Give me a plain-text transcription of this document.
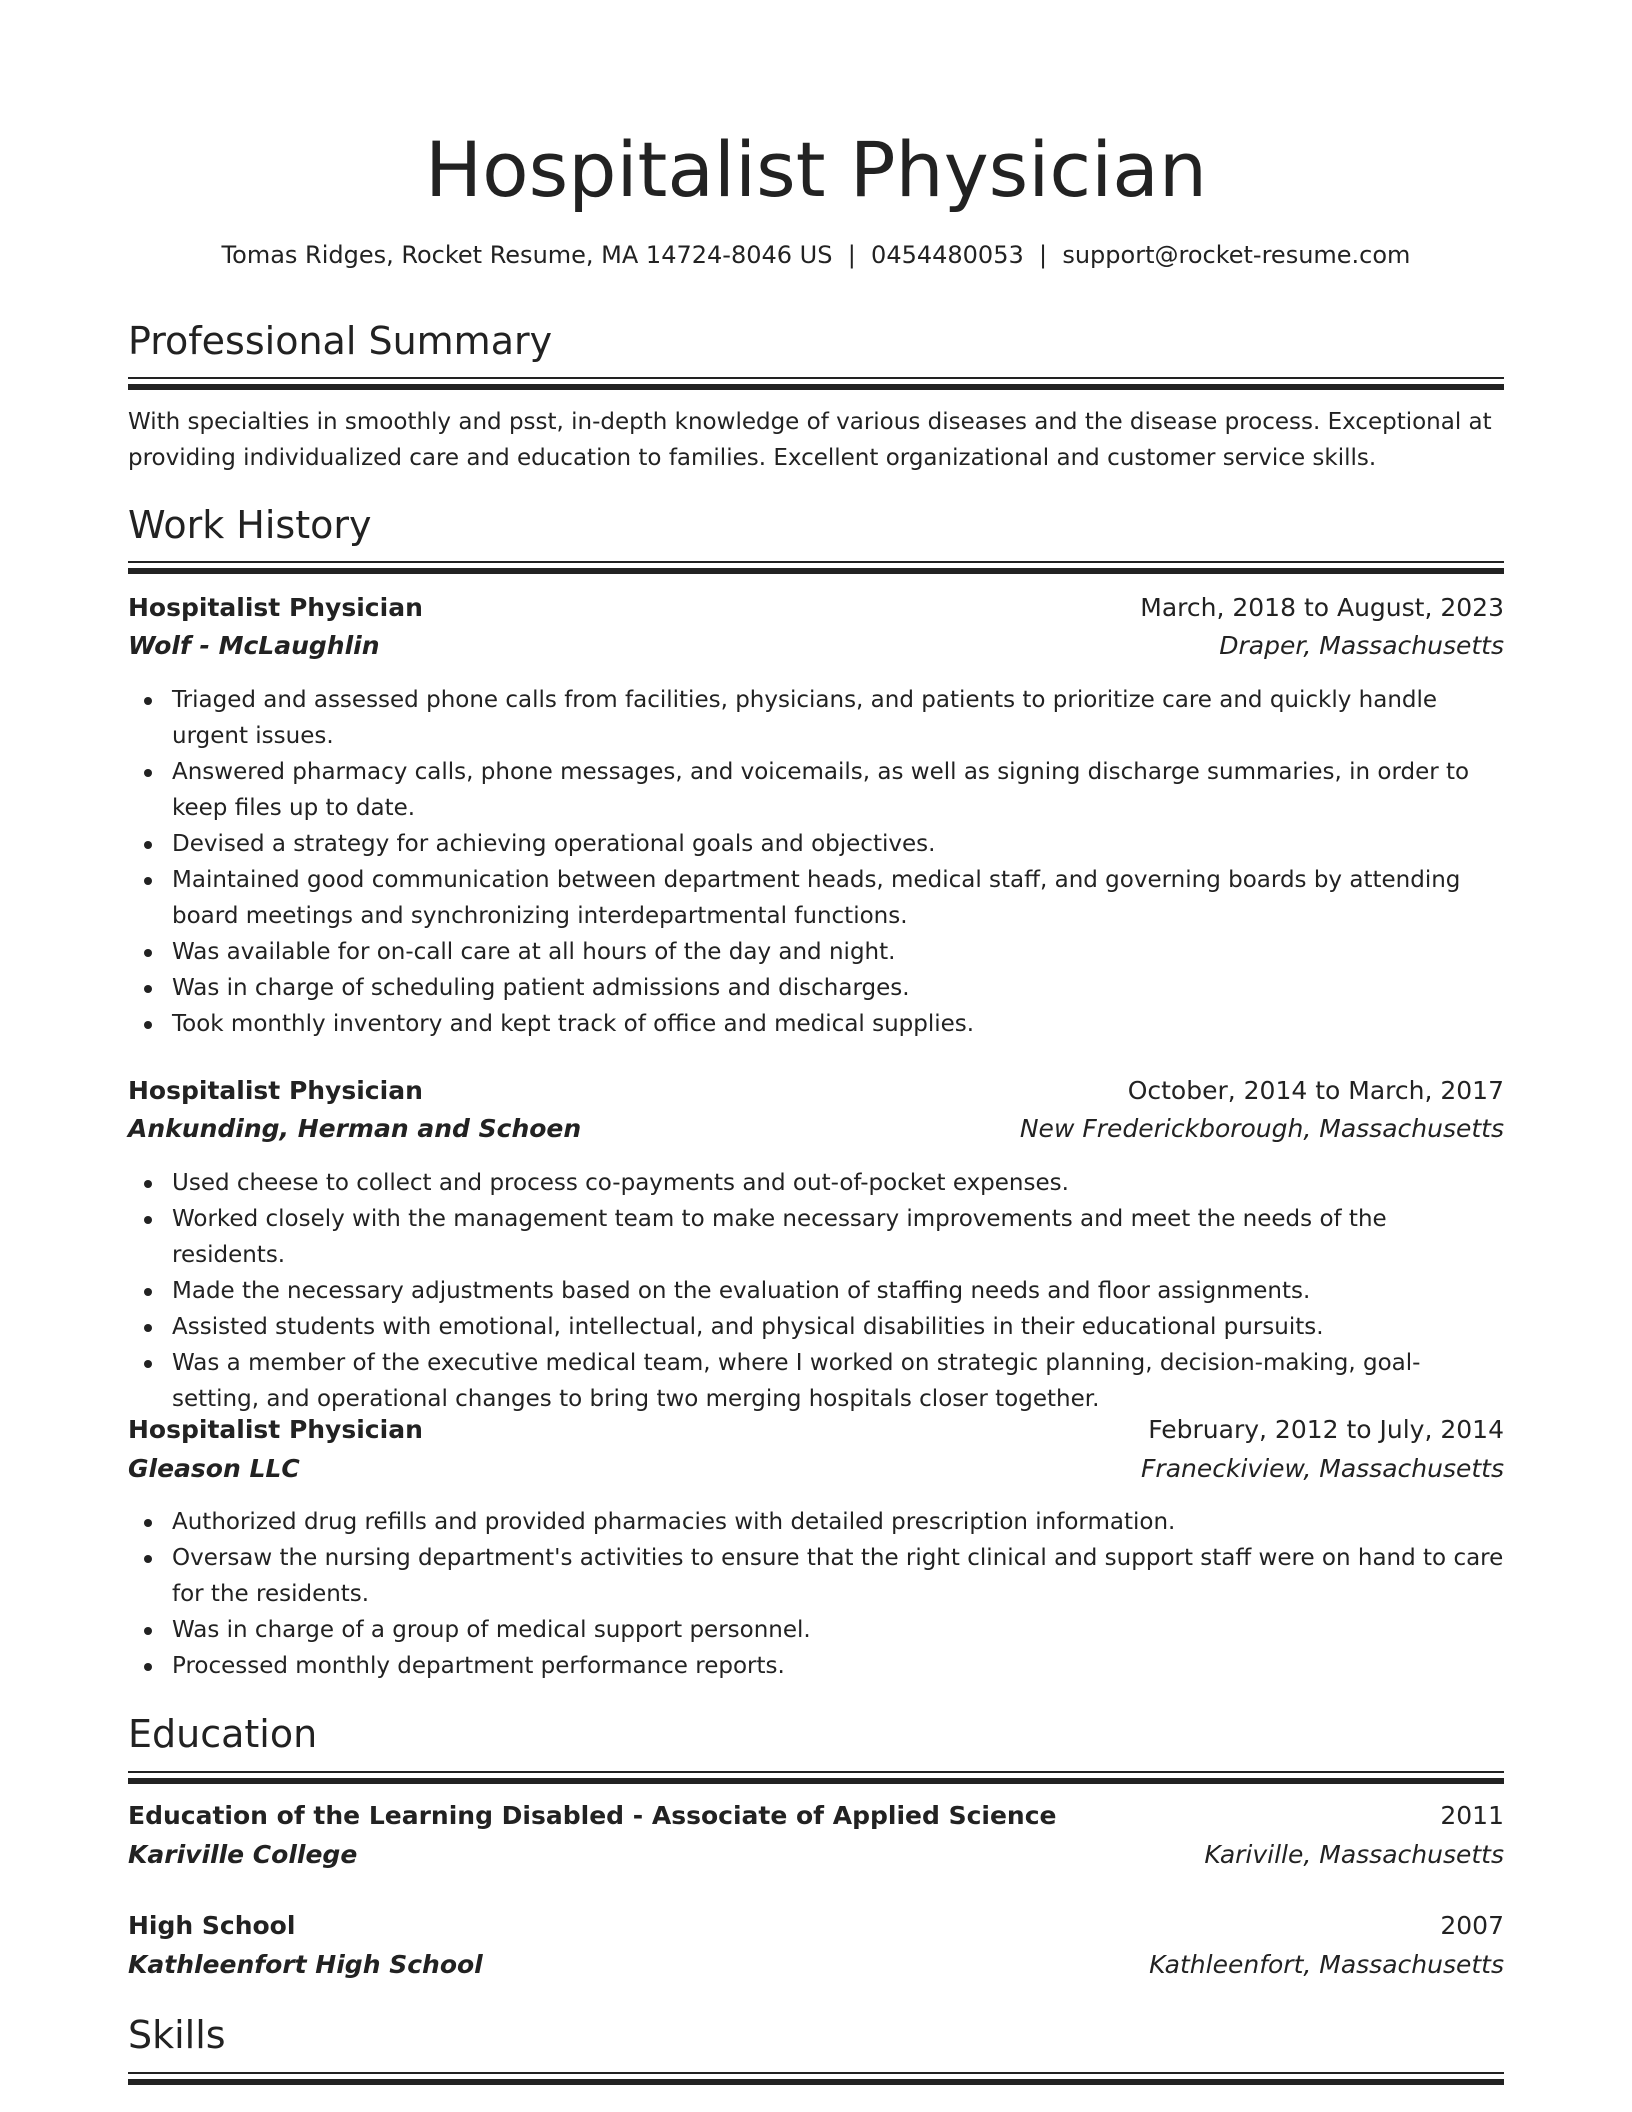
Hospitalist Physician
Tomas Ridges, Rocket Resume, MA 14724-8046 US  |  0454480053  |  support@rocket-resume.com
Professional Summary

With specialties in smoothly and psst, in-depth knowledge of various diseases and the disease process. Exceptional at providing individualized care and education to families. Excellent organizational and customer service skills.

Work History
Hospitalist Physician	March, 2018 to August, 2023
Wolf - McLaughlin	Draper, Massachusetts
Triaged and assessed phone calls from facilities, physicians, and patients to prioritize care and quickly handle urgent issues.
Answered pharmacy calls, phone messages, and voicemails, as well as signing discharge summaries, in order to keep files up to date.
Devised a strategy for achieving operational goals and objectives.
Maintained good communication between department heads, medical staff, and governing boards by attending board meetings and synchronizing interdepartmental functions.
Was available for on-call care at all hours of the day and night.
Was in charge of scheduling patient admissions and discharges.
Took monthly inventory and kept track of office and medical supplies.
Hospitalist Physician	October, 2014 to March, 2017
Ankunding, Herman and Schoen	New Frederickborough, Massachusetts
Used cheese to collect and process co-payments and out-of-pocket expenses.
Worked closely with the management team to make necessary improvements and meet the needs of the residents.
Made the necessary adjustments based on the evaluation of staffing needs and floor assignments.
Assisted students with emotional, intellectual, and physical disabilities in their educational pursuits.
Was a member of the executive medical team, where I worked on strategic planning, decision-making, goal-setting, and operational changes to bring two merging hospitals closer together.
Hospitalist Physician	February, 2012 to July, 2014
Gleason LLC	Franeckiview, Massachusetts
Authorized drug refills and provided pharmacies with detailed prescription information.
Oversaw the nursing department's activities to ensure that the right clinical and support staff were on hand to care for the residents.
Was in charge of a group of medical support personnel.
Processed monthly department performance reports.
Education
Education of the Learning Disabled - Associate of Applied Science	2011
Kariville College	Kariville, Massachusetts
High School	2007
Kathleenfort High School	Kathleenfort, Massachusetts
Skills
